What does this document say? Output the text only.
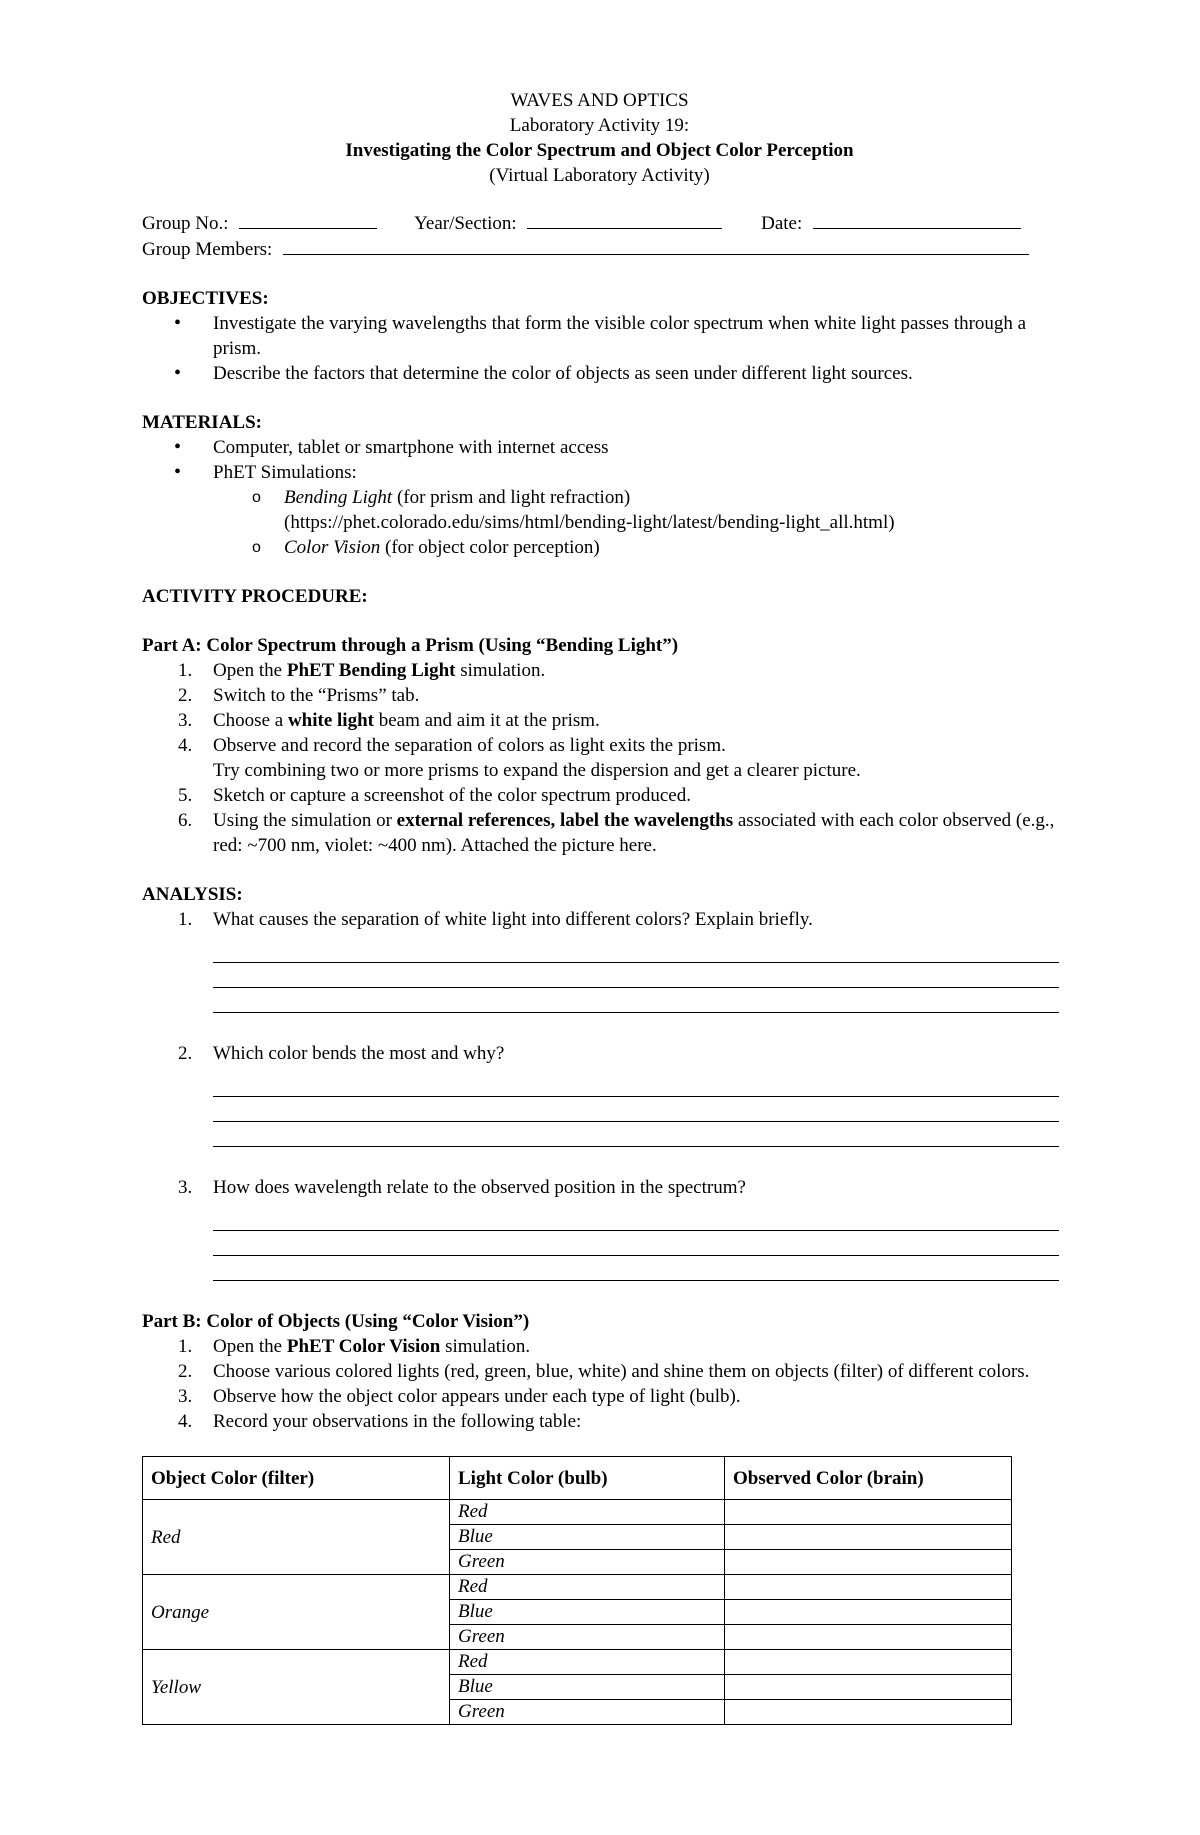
WAVES AND OPTICS
Laboratory Activity 19:
Investigating the Color Spectrum and Object Color Perception
(Virtual Laboratory Activity)
Group No.:	Year/Section:	Date:
Group Members:
OBJECTIVES:
• Investigate the varying wavelengths that form the visible color spectrum when white light passes through a prism.
• Describe the factors that determine the color of objects as seen under different light sources.
MATERIALS:
• Computer, tablet or smartphone with internet access
• PhET Simulations:
o Bending Light (for prism and light refraction)
(https://phet.colorado.edu/sims/html/bending-light/latest/bending-light_all.html)
o Color Vision (for object color perception)
ACTIVITY PROCEDURE:
Part A: Color Spectrum through a Prism (Using “Bending Light”)
1. Open the PhET Bending Light simulation.
2. Switch to the “Prisms” tab.
3. Choose a white light beam and aim it at the prism.
4. Observe and record the separation of colors as light exits the prism.
Try combining two or more prisms to expand the dispersion and get a clearer picture.
5. Sketch or capture a screenshot of the color spectrum produced.
6. Using the simulation or external references, label the wavelengths associated with each color observed (e.g., red: ~700 nm, violet: ~400 nm). Attached the picture here.
ANALYSIS:
1. What causes the separation of white light into different colors? Explain briefly.
2. Which color bends the most and why?
3. How does wavelength relate to the observed position in the spectrum?
Part B: Color of Objects (Using “Color Vision”)
1. Open the PhET Color Vision simulation.
2. Choose various colored lights (red, green, blue, white) and shine them on objects (filter) of different colors.
3. Observe how the object color appears under each type of light (bulb).
4. Record your observations in the following table:
Object Color (filter)	Light Color (bulb)	Observed Color (brain)
Red	Red	
	Blue	
	Green	
Orange	Red	
	Blue	
	Green	
Yellow	Red	
	Blue	
	Green	
